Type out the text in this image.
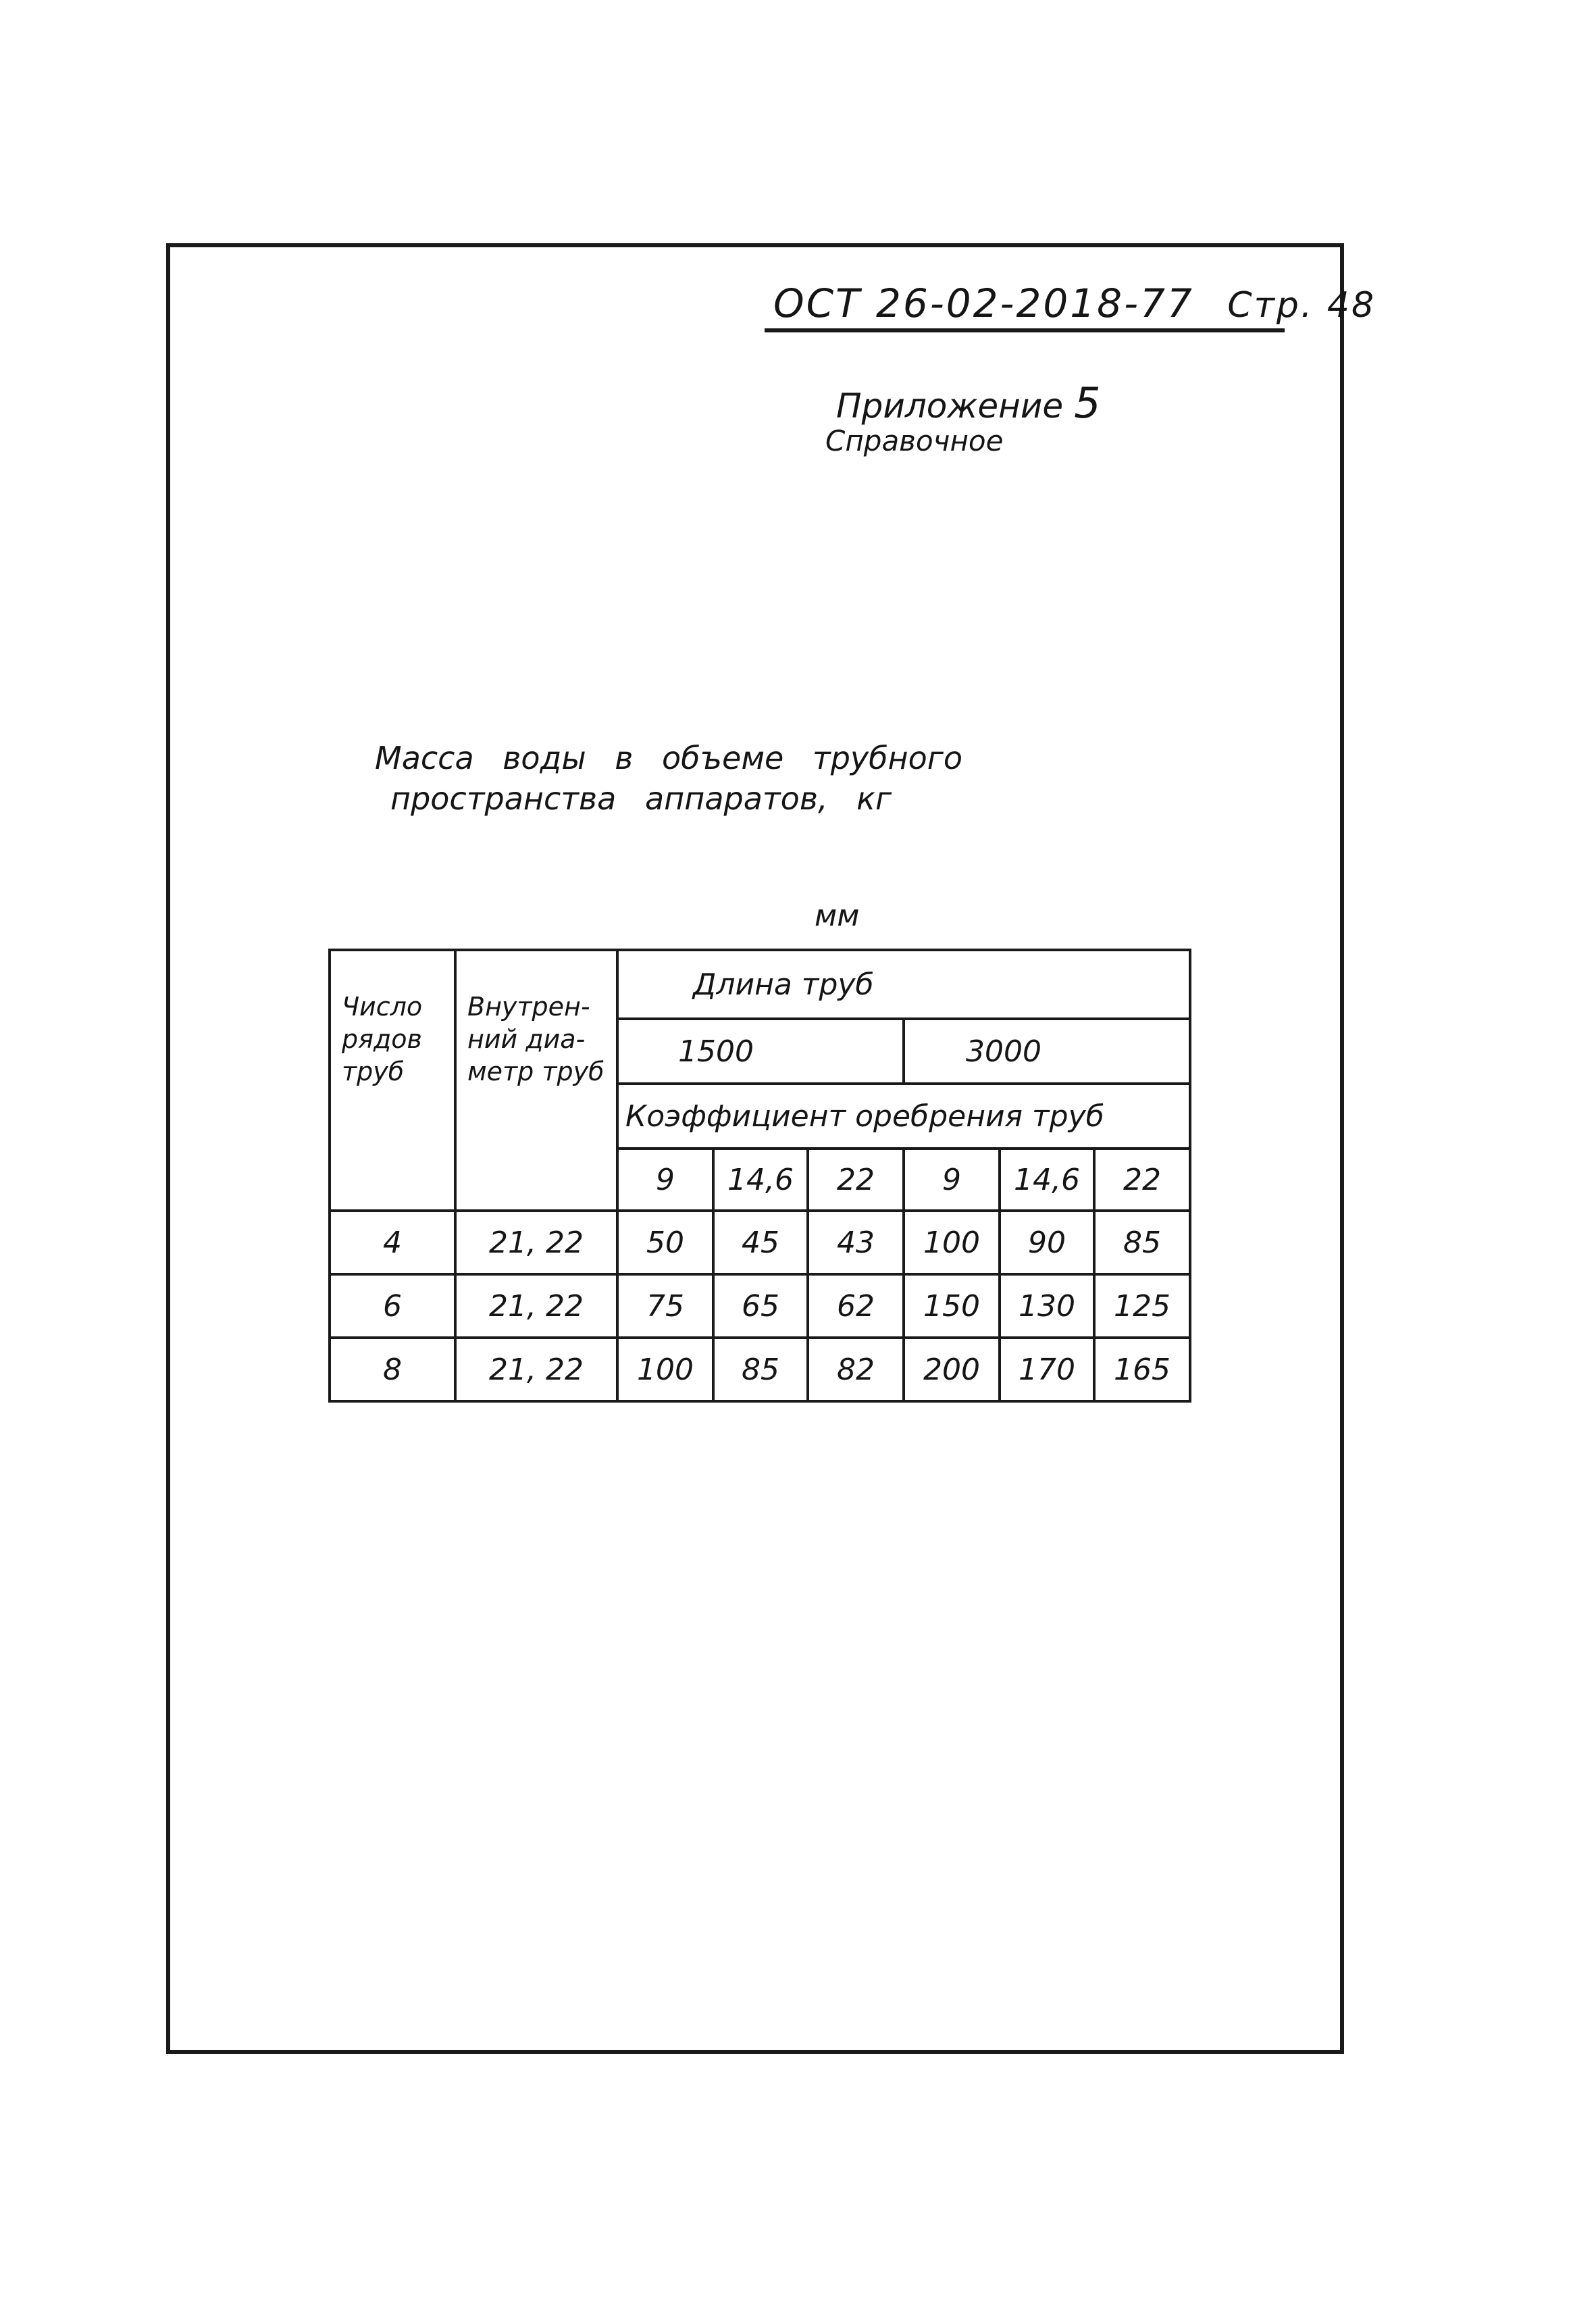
ОСТ 26-02-2018-77 Стр. 48
Приложение 5
Справочное
Масса воды в объеме трубного
пространства аппаратов, кг
мм
Число рядов труб	Внутрен-ний диа-метр труб	Длина труб					
		1500			3000		
		Коэффициент оребрения труб					
		9	14,6	22	9	14,6	22
4	21, 22	50	45	43	100	90	85
6	21, 22	75	65	62	150	130	125
8	21, 22	100	85	82	200	170	165
